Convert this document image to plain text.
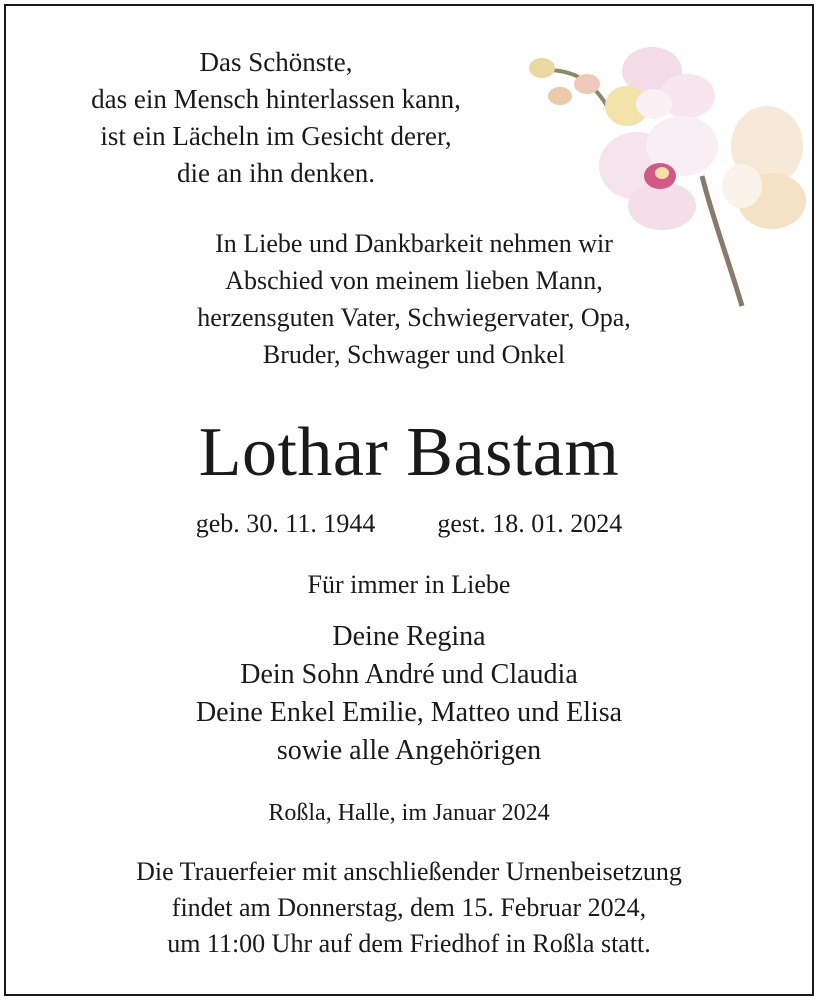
Das Schönste,
das ein Mensch hinterlassen kann,
ist ein Lächeln im Gesicht derer,
die an ihn denken.
In Liebe und Dankbarkeit nehmen wir
Abschied von meinem lieben Mann,
herzensguten Vater, Schwiegervater, Opa,
Bruder, Schwager und Onkel
Lothar Bastam
geb. 30. 11. 1944 gest. 18. 01. 2024
Für immer in Liebe
Deine Regina
Dein Sohn André und Claudia
Deine Enkel Emilie, Matteo und Elisa
sowie alle Angehörigen
Roßla, Halle, im Januar 2024
Die Trauerfeier mit anschließender Urnenbeisetzung
findet am Donnerstag, dem 15. Februar 2024,
um 11:00 Uhr auf dem Friedhof in Roßla statt.
